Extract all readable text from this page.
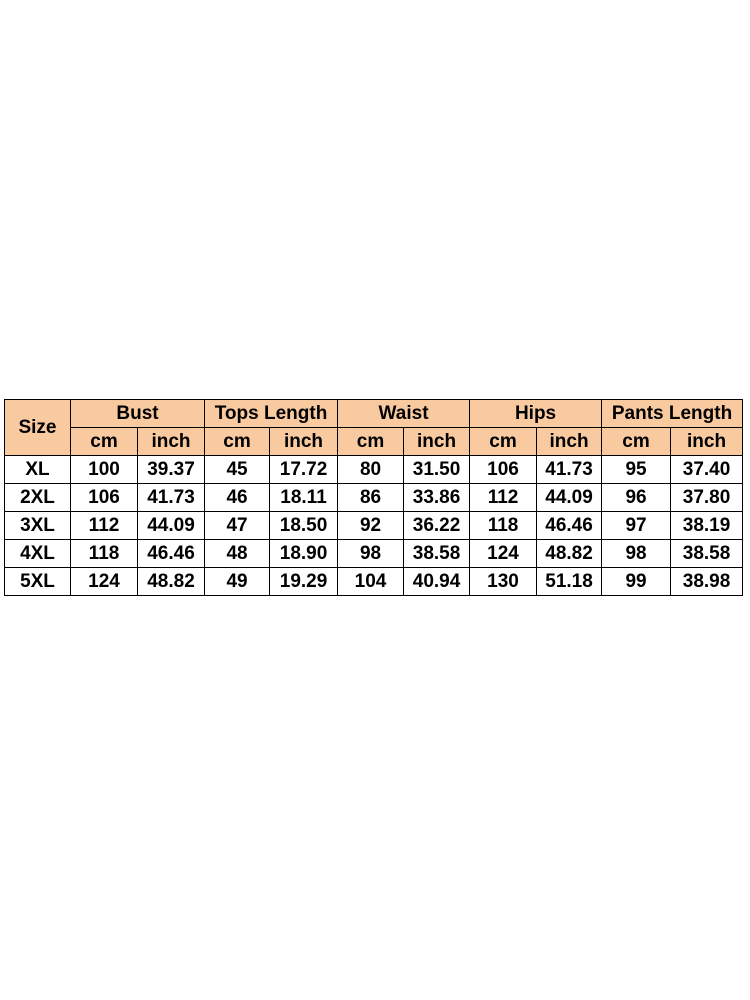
Size	Bust		Tops Length		Waist		Hips		Pants Length	
	cm	inch	cm	inch	cm	inch	cm	inch	cm	inch
XL	100	39.37	45	17.72	80	31.50	106	41.73	95	37.40
2XL	106	41.73	46	18.11	86	33.86	112	44.09	96	37.80
3XL	112	44.09	47	18.50	92	36.22	118	46.46	97	38.19
4XL	118	46.46	48	18.90	98	38.58	124	48.82	98	38.58
5XL	124	48.82	49	19.29	104	40.94	130	51.18	99	38.98
